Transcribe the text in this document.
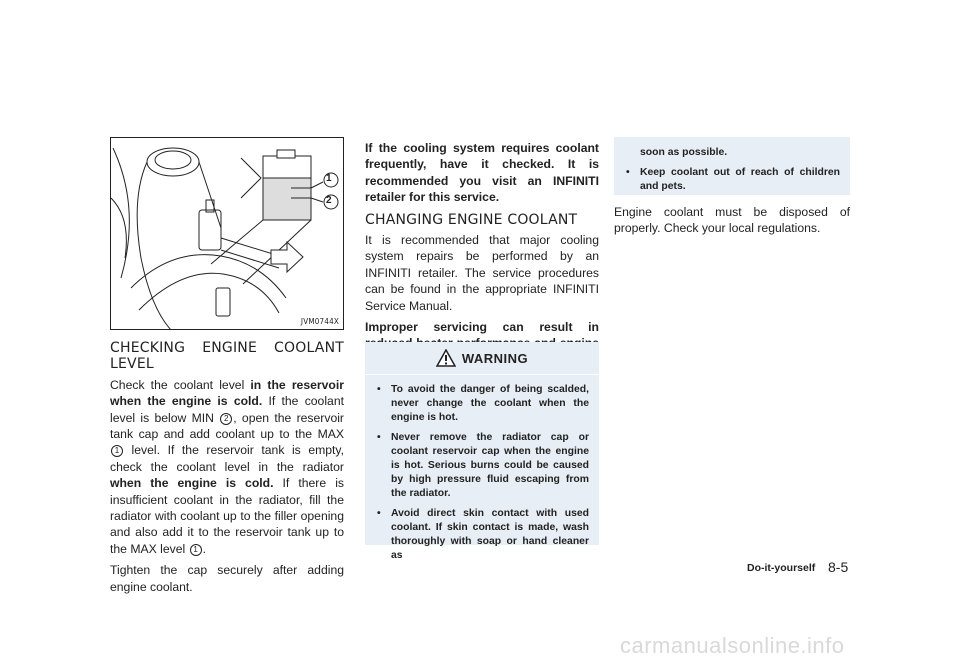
1
2
JVM0744X
CHECKING ENGINE COOLANT LEVEL

Check the coolant level in the reservoir when the engine is cold. If the coolant level is below MIN 2 , open the reservoir tank cap and add coolant up to the MAX 1 level. If the reservoir tank is empty, check the coolant level in the radiator when the engine is cold. If there is insufficient coolant in the radiator, fill the radiator with coolant up to the filler opening and also add it to the reservoir tank up to the MAX level 1 .

Tighten the cap securely after adding engine coolant.

If the cooling system requires coolant frequently, have it checked. It is recommended you visit an INFINITI retailer for this service.

CHANGING ENGINE COOLANT

It is recommended that major cooling system repairs be performed by an INFINITI retailer. The service procedures can be found in the appropriate INFINITI Service Manual.

Improper servicing can result in

WARNING
• To avoid the danger of being scalded, never change the coolant when the engine is hot.
• Never remove the radiator cap or coolant reservoir cap when the engine is hot. Serious burns could be caused by high pressure fluid escaping from the radiator.
• Avoid direct skin contact with used coolant. If skin contact is made, wash thoroughly with soap or hand cleaner as
soon as possible.
• Keep coolant out of reach of children and pets.

Engine coolant must be disposed of properly. Check your local regulations.

Do-it-yourself 8-5
carmanualsonline.info
